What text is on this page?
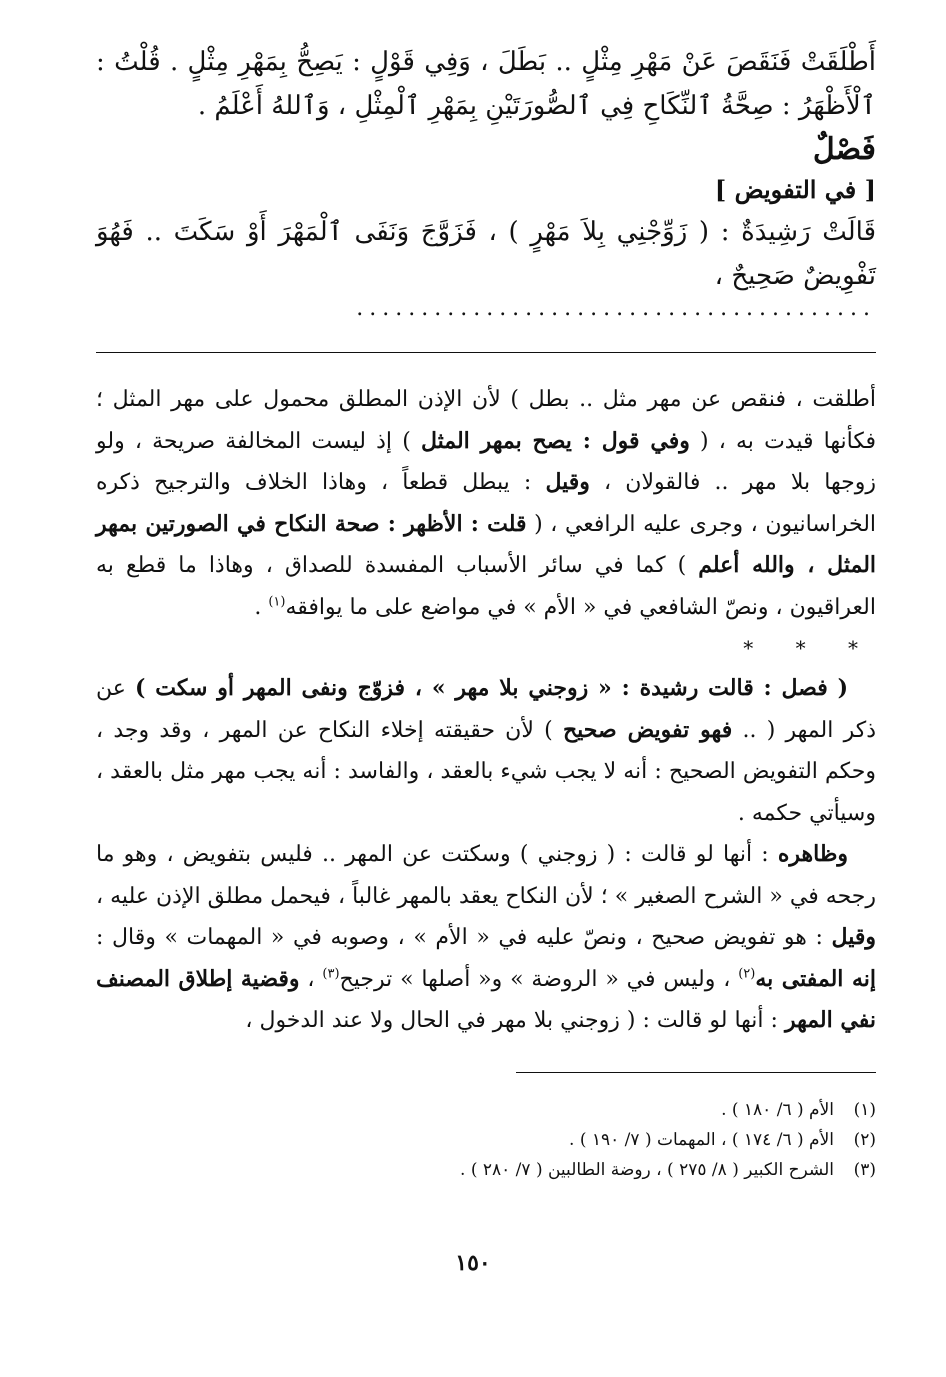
أَطْلَقَتْ فَنَقَصَ عَنْ مَهْرِ مِثْلٍ .. بَطَلَ ، وَفِي قَوْلٍ : يَصِحُّ بِمَهْرِ مِثْلٍ . قُلْتُ : ٱلْأَظْهَرُ : صِحَّةُ ٱلنِّكَاحِ فِي ٱلصُّورَتَيْنِ بِمَهْرِ ٱلْمِثْلِ ، وَٱللهُ أَعْلَمُ .

فَصْلٌ
[ في التفويض ]

قَالَتْ رَشِيدَةٌ : ( زَوِّجْنِي بِلاَ مَهْرٍ ) ، فَزَوَّجَ وَنَفَى ٱلْمَهْرَ أَوْ سَكَتَ .. فَهُوَ تَفْوِيضٌ صَحِيحٌ ،

........................................

أطلقت ، فنقص عن مهر مثل .. بطل ) لأن الإذن المطلق محمول على مهر المثل ؛ فكأنها قيدت به ، ( وفي قول : يصح بمهر المثل ) إذ ليست المخالفة صريحة ، ولو زوجها بلا مهر .. فالقولان ، وقيل : يبطل قطعاً ، وهاذا الخلاف والترجيح ذكره الخراسانيون ، وجرى عليه الرافعي ، ( قلت : الأظهر : صحة النكاح في الصورتين بمهر المثل ، والله أعلم ) كما في سائر الأسباب المفسدة للصداق ، وهاذا ما قطع به العراقيون ، ونصّ الشافعي في « الأم » في مواضع على ما يوافقه$^{(١)}$ .

* * *

( فصل : قالت رشيدة : « زوجني بلا مهر » ، فزوّج ونفى المهر أو سكت ) عن ذكر المهر ( .. فهو تفويض صحيح ) لأن حقيقته إخلاء النكاح عن المهر ، وقد وجد ، وحكم التفويض الصحيح : أنه لا يجب شيء بالعقد ، والفاسد : أنه يجب مهر مثل بالعقد ، وسيأتي حكمه .

وظاهره : أنها لو قالت : ( زوجني ) وسكتت عن المهر .. فليس بتفويض ، وهو ما رجحه في « الشرح الصغير » ؛ لأن النكاح يعقد بالمهر غالباً ، فيحمل مطلق الإذن عليه ، وقيل : هو تفويض صحيح ، ونصّ عليه في « الأم » ، وصوبه في « المهمات » وقال : إنه المفتى به$^{(٢)}$ ، وليس في « الروضة » و« أصلها » ترجيح$^{(٣)}$ ، وقضية إطلاق المصنف نفي المهر : أنها لو قالت : ( زوجني بلا مهر في الحال ولا عند الدخول ،

(١)
الأم ( ٦/ ١٨٠ ) .
(٢)
الأم ( ٦/ ١٧٤ ) ، المهمات ( ٧/ ١٩٠ ) .
(٣)
الشرح الكبير ( ٨/ ٢٧٥ ) ، روضة الطالبين ( ٧/ ٢٨٠ ) .
١٥٠
